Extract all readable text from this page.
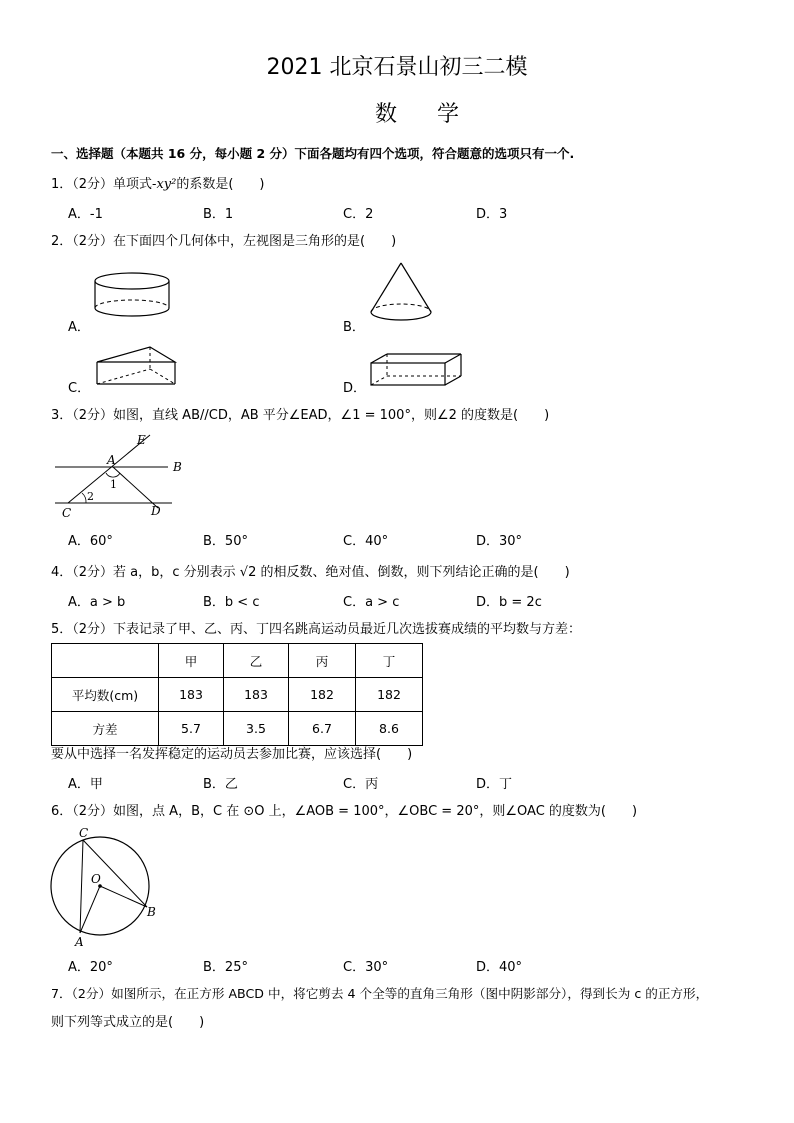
2021 北京石景山初三二模
数学
一、选择题（本题共 16 分，每小题 2 分）下面各题均有四个选项，符合题意的选项只有一个.
1．（2分）单项式-xy²的系数是(　　)
A．-1	B．1	C．2	D．3
2．（2分）在下面四个几何体中，左视图是三角形的是(　　)
A．	B．
C．	D．
3．（2分）如图，直线 AB//CD，AB 平分∠EAD，∠1 = 100°，则∠2 的度数是(　　)
E
A	B
C	D
1
2
A．60°	B．50°	C．40°	D．30°
4．（2分）若 a，b，c 分别表示 √2 的相反数、绝对值、倒数，则下列结论正确的是(　　)
A．a > b	B．b < c	C．a > c	D．b = 2c
5．（2分）下表记录了甲、乙、丙、丁四名跳高运动员最近几次选拔赛成绩的平均数与方差：
	甲	乙	丙	丁
平均数(cm)	183	183	182	182
方差	5.7	3.5	6.7	8.6
要从中选择一名发挥稳定的运动员去参加比赛，应该选择(　　)
A．甲	B．乙	C．丙	D．丁
6．（2分）如图，点 A，B，C 在 ⊙O 上，∠AOB = 100°，∠OBC = 20°，则∠OAC 的度数为(　　)
C
O
B
A
A．20°	B．25°	C．30°	D．40°
7．（2分）如图所示，在正方形 ABCD 中，将它剪去 4 个全等的直角三角形（图中阴影部分），得到长为 c 的正方形，
则下列等式成立的是(　　)
